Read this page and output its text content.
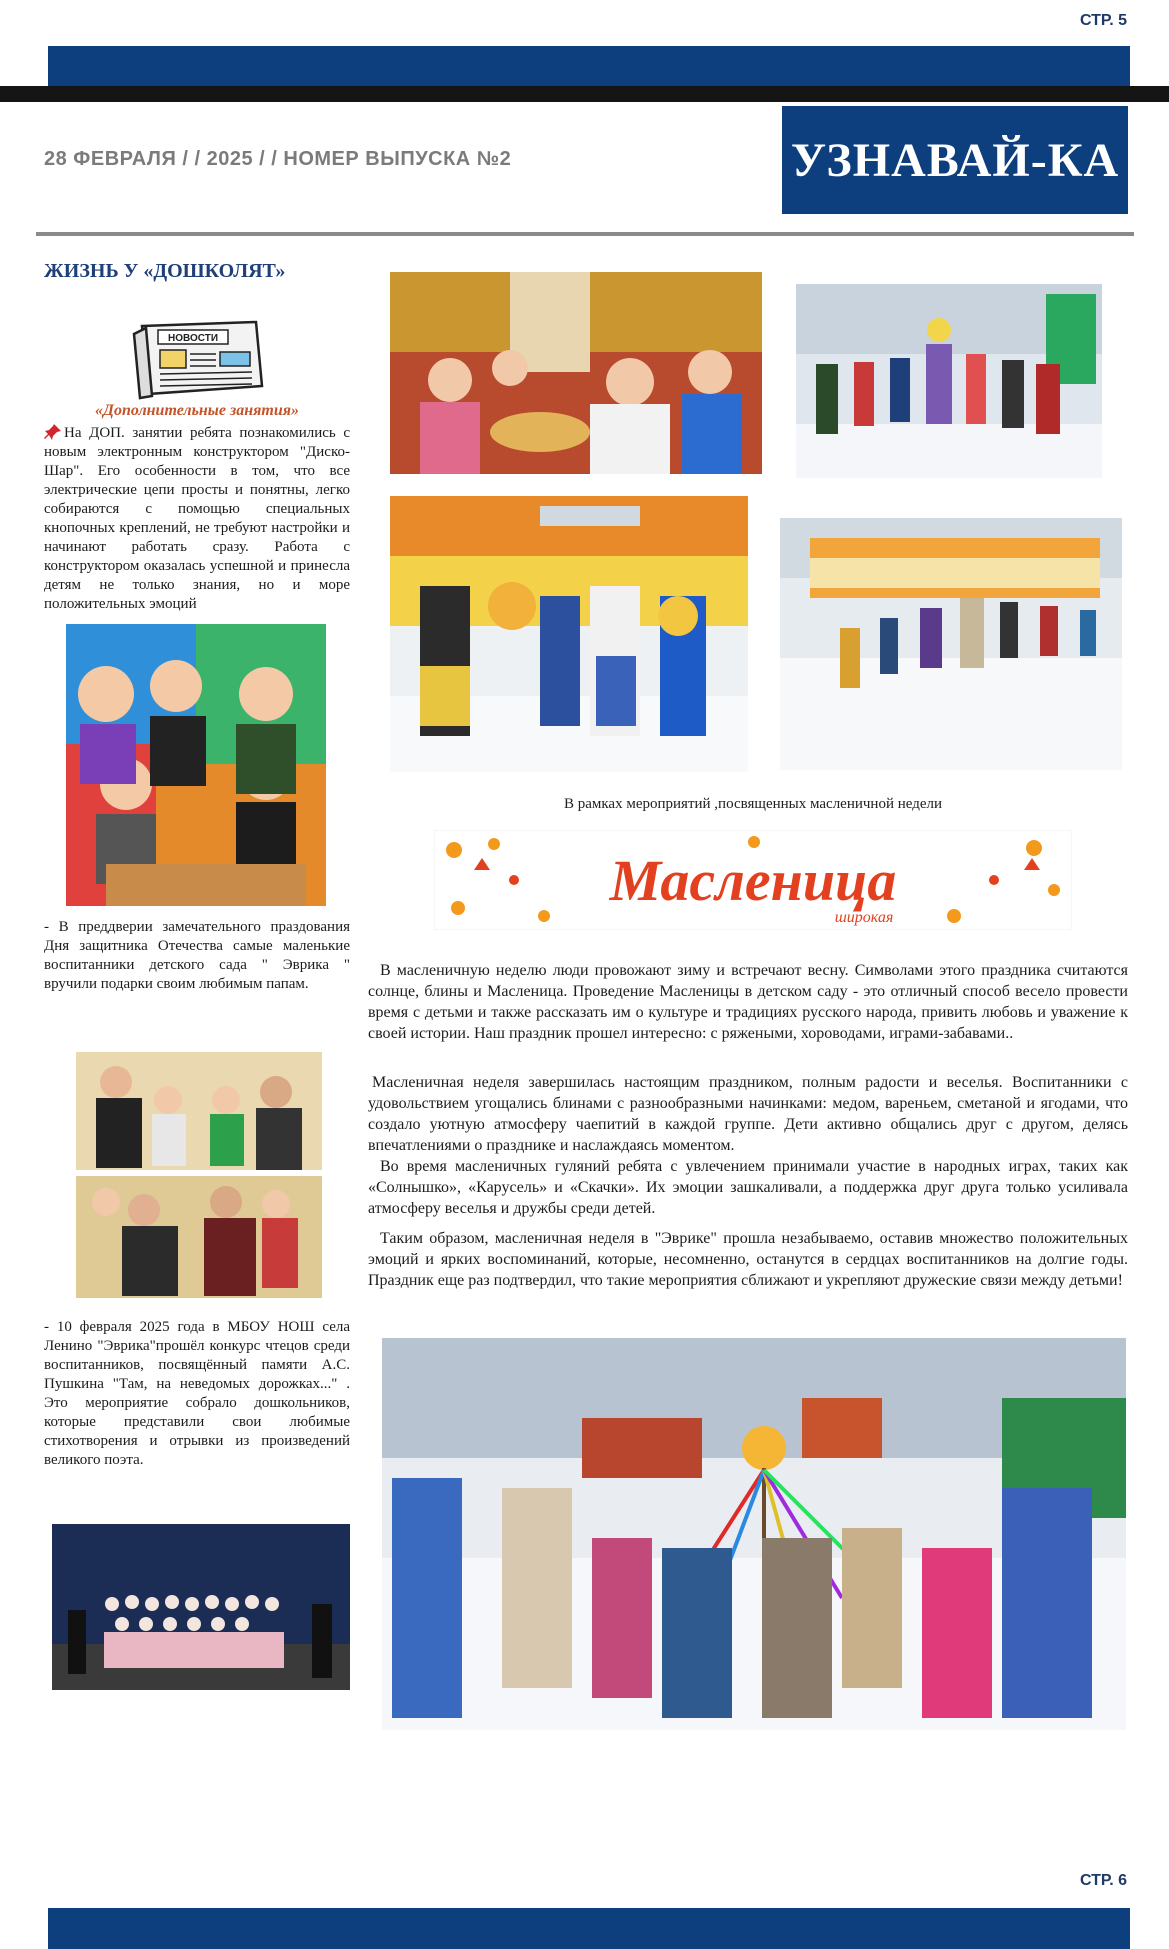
СТР. 5
28 ФЕВРАЛЯ / / 2025 / / НОМЕР ВЫПУСКА №2	УЗНАВАЙ-КА
ЖИЗНЬ У «ДОШКОЛЯТ»
НОВОСТИ
«Дополнительные занятия»
На ДОП. занятии ребята познакомились с новым электронным конструктором "Диско-Шар". Его особенности в том, что все электрические цепи просты и понятны, легко собираются с помощью специальных кнопочных креплений, не требуют настройки и начинают работать сразу. Работа с конструктором оказалась успешной и принесла детям не только знания, но и море положительных эмоций
- В преддверии замечательного праздования Дня защитника Отечества самые маленькие воспитанники детского сада " Эврика " вручили подарки своим любимым папам.
- 10 февраля 2025 года в МБОУ НОШ села Ленино "Эврика"прошёл конкурс чтецов среди воспитанников, посвящённый памяти А.С. Пушкина "Там, на неведомых дорожках..." . Это мероприятие собрало дошкольников, которые представили свои любимые стихотворения и отрывки из произведений великого поэта.
В рамках мероприятий ,посвященных масленичной недели
Масленица
широкая
В масленичную неделю люди провожают зиму и встречают весну. Символами этого праздника считаются солнце, блины и Масленица. Проведение Масленицы в детском саду - это отличный способ весело провести время с детьми и также рассказать им о культуре и традициях русского народа, привить любовь и уважение к своей истории. Наш праздник прошел интересно: с ряжеными, хороводами, играми-забавами..
Масленичная неделя завершилась настоящим праздником, полным радости и веселья. Воспитанники с удовольствием угощались блинами с разнообразными начинками: медом, вареньем, сметаной и ягодами, что создало уютную атмосферу чаепитий в каждой группе. Дети активно общались друг с другом, делясь впечатлениями о празднике и наслаждаясь моментом.
Во время масленичных гуляний ребята с увлечением принимали участие в народных играх, таких как «Солнышко», «Карусель» и «Скачки». Их эмоции зашкаливали, а поддержка друг друга только усиливала атмосферу веселья и дружбы среди детей.
Таким образом, масленичная неделя в "Эврике" прошла незабываемо, оставив множество положительных эмоций и ярких воспоминаний, которые, несомненно, останутся в сердцах воспитанников на долгие годы. Праздник еще раз подтвердил, что такие мероприятия сближают и укрепляют дружеские связи между детьми!
СТР. 6
